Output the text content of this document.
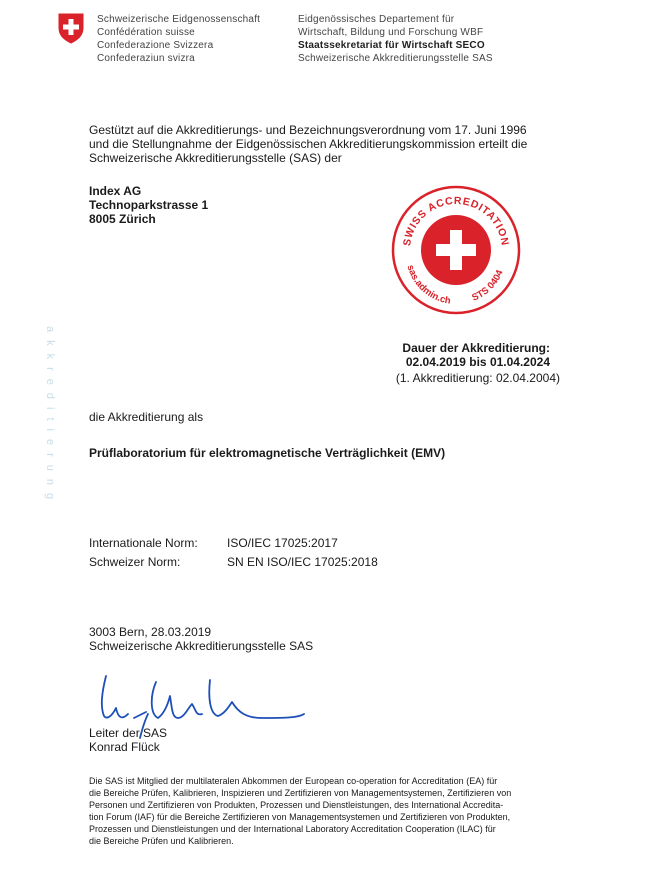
Schweizerische Eidgenossenschaft
Confédération suisse
Confederazione Svizzera
Confederaziun svizra
Eidgenössisches Departement für
Wirtschaft, Bildung und Forschung WBF
Staatssekretariat für Wirtschaft SECO
Schweizerische Akkreditierungsstelle SAS
Gestützt auf die Akkreditierungs- und Bezeichnungsverordnung vom 17. Juni 1996
und die Stellungnahme der Eidgenössischen Akkreditierungskommission erteilt die
Schweizerische Akkreditierungsstelle (SAS) der
Index AG
Technoparkstrasse 1
8005 Zürich
SWISS ACCREDITATION
sas.admin.ch STS 0404
Dauer der Akkreditierung:
02.04.2019 bis 01.04.2024
(1. Akkreditierung: 02.04.2004)
akkreditierung	die Akkreditierung als
Prüflaboratorium für elektromagnetische Verträglichkeit (EMV)
Internationale Norm: ISO/IEC 17025:2017
Schweizer Norm:	SN EN ISO/IEC 17025:2018
3003 Bern, 28.03.2019
Schweizerische Akkreditierungsstelle SAS
Leiter der SAS
Konrad Flück
Die SAS ist Mitglied der multilateralen Abkommen der European co-operation for Accreditation (EA) für
die Bereiche Prüfen, Kalibrieren, Inspizieren und Zertifizieren von Managementsystemen, Zertifizieren von
Personen und Zertifizieren von Produkten, Prozessen und Dienstleistungen, des International Accredita-
tion Forum (IAF) für die Bereiche Zertifizieren von Managementsystemen und Zertifizieren von Produkten,
Prozessen und Dienstleistungen und der International Laboratory Accreditation Cooperation (ILAC) für
die Bereiche Prüfen und Kalibrieren.
